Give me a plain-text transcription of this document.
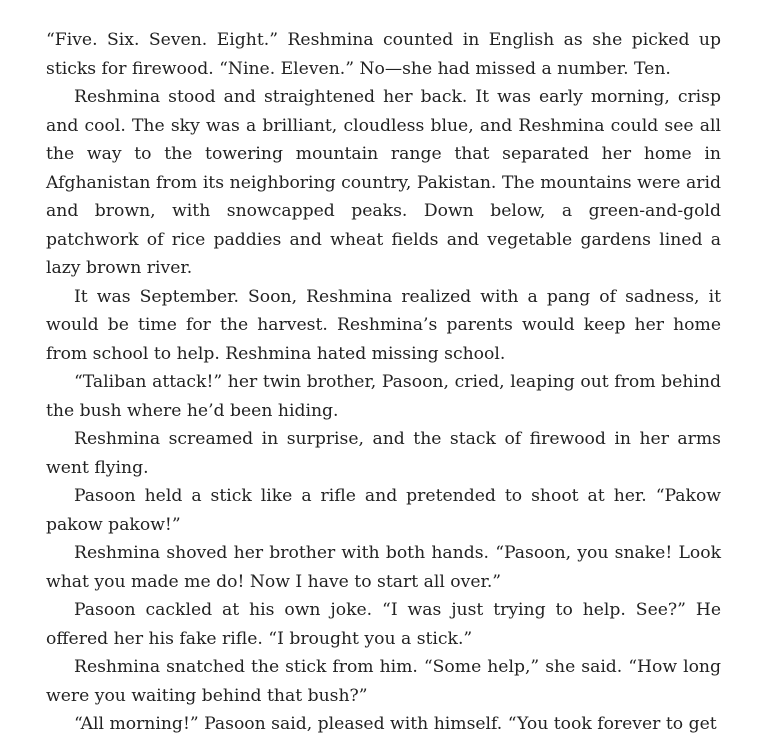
“Five. Six. Seven. Eight.” Reshmina counted in English as she picked up sticks for firewood. “Nine. Eleven.” No—she had missed a number. Ten.

Reshmina stood and straightened her back. It was early morning, crisp and cool. The sky was a brilliant, cloudless blue, and Reshmina could see all the way to the towering mountain range that separated her home in Afghanistan from its neighboring country, Pakistan. The mountains were arid and brown, with snowcapped peaks. Down below, a green-and-gold patchwork of rice paddies and wheat fields and vegetable gardens lined a lazy brown river.

It was September. Soon, Reshmina realized with a pang of sadness, it would be time for the harvest. Reshmina’s parents would keep her home from school to help. Reshmina hated missing school.

“Taliban attack!” her twin brother, Pasoon, cried, leaping out from behind the bush where he’d been hiding.

Reshmina screamed in surprise, and the stack of firewood in her arms went flying.

Pasoon held a stick like a rifle and pretended to shoot at her. “Pakow pakow pakow!”

Reshmina shoved her brother with both hands. “Pasoon, you snake! Look what you made me do! Now I have to start all over.”

Pasoon cackled at his own joke. “I was just trying to help. See?” He offered her his fake rifle. “I brought you a stick.”

Reshmina snatched the stick from him. “Some help,” she said. “How long were you waiting behind that bush?”

“All morning!” Pasoon said, pleased with himself. “You took forever to get
